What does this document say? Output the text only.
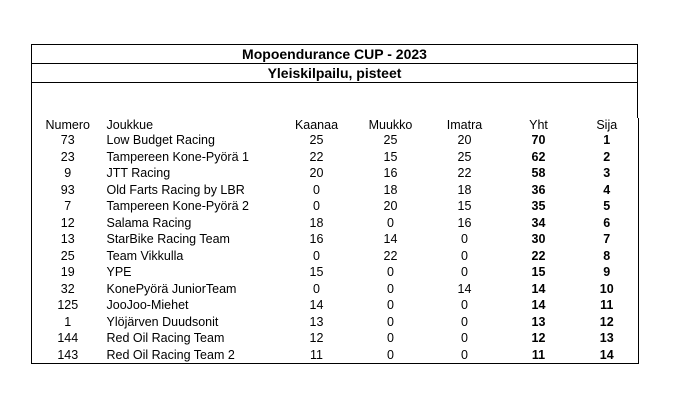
Mopoendurance CUP - 2023
Yleiskilpailu, pisteet
Numero	Joukkue	Kaanaa	Muukko	Imatra	Yht	Sija
73	Low Budget Racing	25	25	20	70	1
23	Tampereen Kone-Pyörä 1	22	15	25	62	2
9	JTT Racing	20	16	22	58	3
93	Old Farts Racing by LBR	0	18	18	36	4
7	Tampereen Kone-Pyörä 2	0	20	15	35	5
12	Salama Racing	18	0	16	34	6
13	StarBike Racing Team	16	14	0	30	7
25	Team Vikkulla	0	22	0	22	8
19	YPE	15	0	0	15	9
32	KonePyörä JuniorTeam	0	0	14	14	10
125	JooJoo-Miehet	14	0	0	14	11
1	Ylöjärven Duudsonit	13	0	0	13	12
144	Red Oil Racing Team	12	0	0	12	13
143	Red Oil Racing Team 2	11	0	0	11	14
